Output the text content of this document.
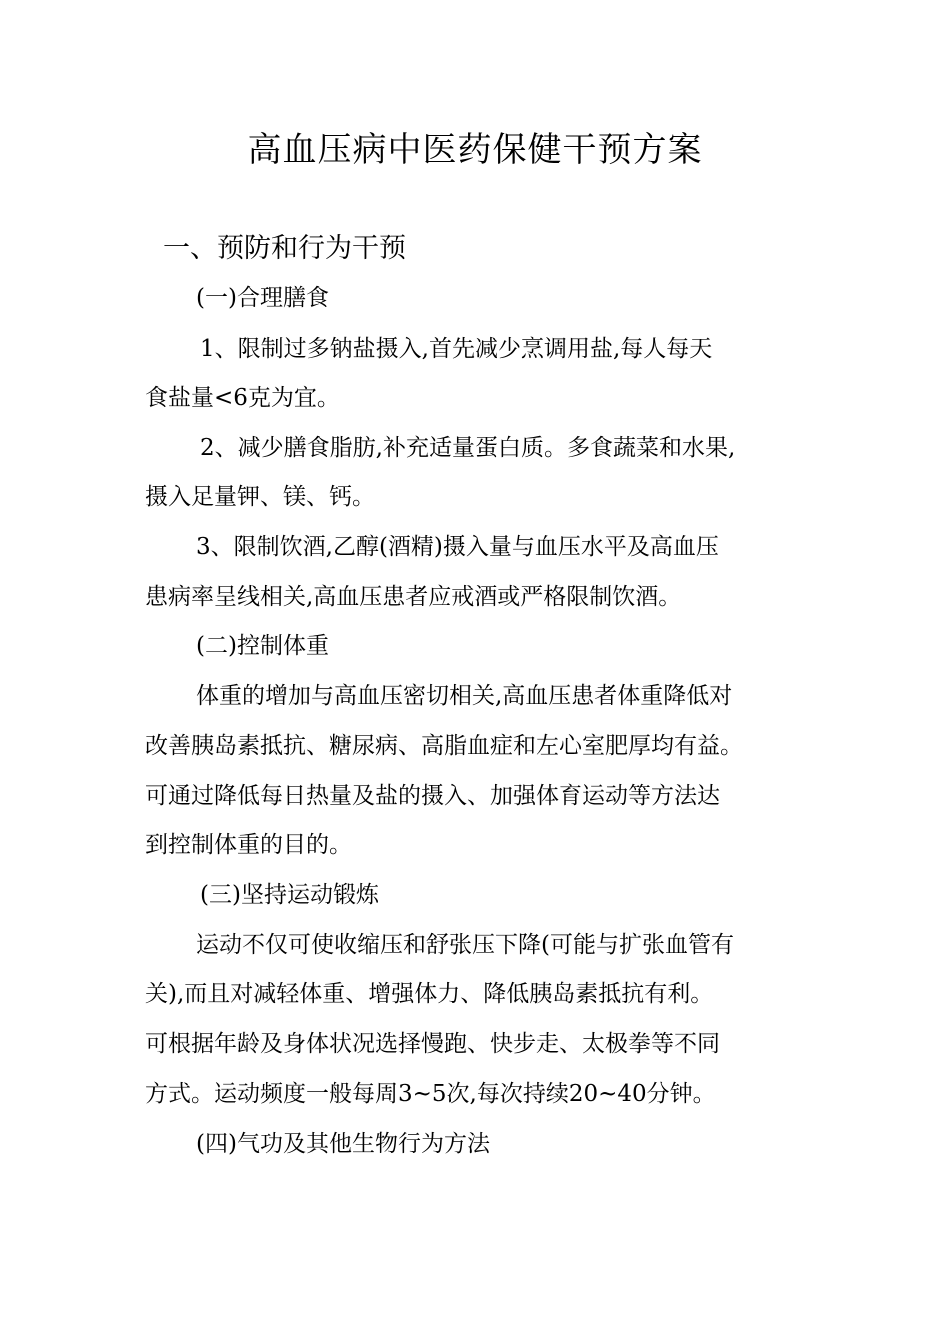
高血压病中医药保健干预方案
一、预防和行为干预
(一)合理膳食
1、限制过多钠盐摄入,首先减少烹调用盐,每人每天
食盐量<6克为宜。
2、减少膳食脂肪,补充适量蛋白质。多食蔬菜和水果,
摄入足量钾、镁、钙。
3、限制饮酒,乙醇(酒精)摄入量与血压水平及高血压
患病率呈线相关,高血压患者应戒酒或严格限制饮酒。
(二)控制体重
体重的增加与高血压密切相关,高血压患者体重降低对
改善胰岛素抵抗、糖尿病、高脂血症和左心室肥厚均有益。
可通过降低每日热量及盐的摄入、加强体育运动等方法达
到控制体重的目的。
(三)坚持运动锻炼
运动不仅可使收缩压和舒张压下降(可能与扩张血管有
关),而且对减轻体重、增强体力、降低胰岛素抵抗有利。
可根据年龄及身体状况选择慢跑、快步走、太极拳等不同
方式。运动频度一般每周3~5次,每次持续20~40分钟。
(四)气功及其他生物行为方法
